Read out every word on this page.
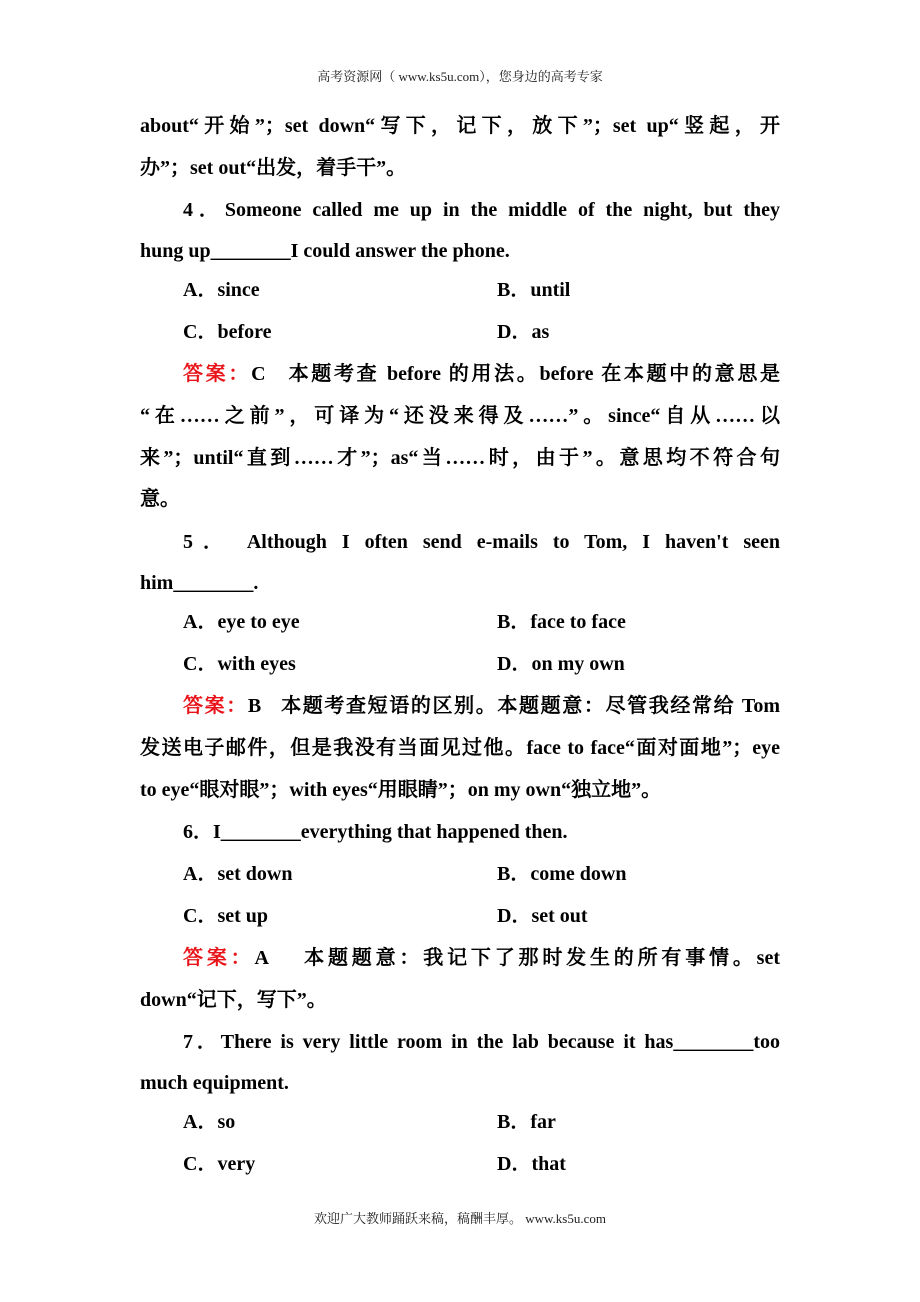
高考资源网（ www.ks5u.com），您身边的高考专家
about“开始”；set down“写下，记下，放下”；set up“竖起，开
办”；set out“出发，着手干”。
4．Someone called me up in the middle of the night, but they
hung up________I could answer the phone.
A．since	B．until
C．before	D．as
答案：C 本题考查 before 的用法。before 在本题中的意思是
“在……之前”，可译为“还没来得及……”。since“自从……以
来”；until“直到……才”；as“当……时，由于”。意思均不符合句
意。
5． Although I often send e-mails to Tom, I haven't seen
him________.
A．eye to eye	B．face to face
C．with eyes	D．on my own
答案：B 本题考查短语的区别。本题题意：尽管我经常给 Tom
发送电子邮件，但是我没有当面见过他。face to face“面对面地”；eye
to eye“眼对眼”；with eyes“用眼睛”；on my own“独立地”。
6．I________everything that happened then.
A．set down	B．come down
C．set up	D．set out
答案：A 本题题意：我记下了那时发生的所有事情。set
down“记下，写下”。
7．There is very little room in the lab because it has________too
much equipment.
A．so	B．far
C．very	D．that
欢迎广大教师踊跃来稿，稿酬丰厚。 www.ks5u.com
